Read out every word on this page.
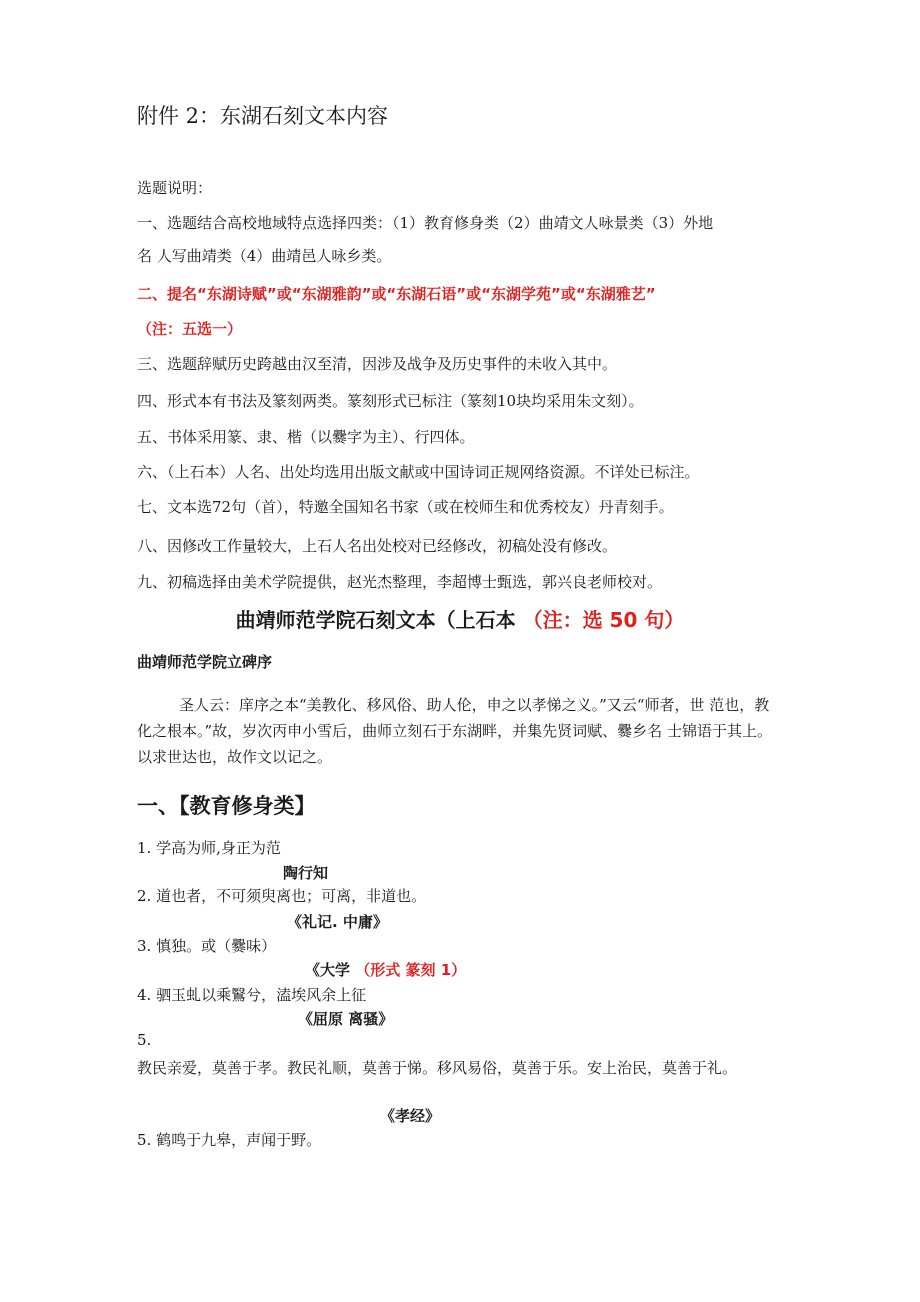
附件 2：东湖石刻文本内容

选题说明：

一、选题结合高校地域特点选择四类：（1）教育修身类（2）曲靖文人咏景类（3）外地

名 人写曲靖类（4）曲靖邑人咏乡类。

二、提名“东湖诗赋”或“东湖雅韵”或“东湖石语”或“东湖学苑”或“东湖雅艺”

（注：五选一）

三、选题辞赋历史跨越由汉至清，因涉及战争及历史事件的未收入其中。

四、形式本有书法及篆刻两类。篆刻形式已标注（篆刻10块均采用朱文刻）。

五、书体采用篆、隶、楷（以爨字为主）、行四体。

六、（上石本）人名、出处均选用出版文献或中国诗词正规网络资源。不详处已标注。

七、文本选72句（首），特邀全国知名书家（或在校师生和优秀校友）丹青刻手。

八、因修改工作量较大，上石人名出处校对已经修改，初稿处没有修改。

九、初稿选择由美术学院提供，赵光杰整理，李超博士甄选，郭兴良老师校对。

曲靖师范学院石刻文本（上石本 （注：选 50 句）

曲靖师范学院立碑序

圣人云：庠序之本“美教化、移风俗、助人伦，申之以孝悌之义。”又云“师者，世 范也，教化之根本。”故，岁次丙申小雪后，曲师立刻石于东湖畔，并集先贤词赋、爨乡名 士锦语于其上。以求世达也，故作文以记之。

一、【教育修身类】

1. 学高为师,身正为范

陶行知

2. 道也者，不可须臾离也；可离，非道也。

《礼记. 中庸》

3. 慎独。或（爨味）

《大学 （形式 篆刻 1）

4. 驷玉虬以乘鷖兮，溘埃风余上征

《屈原 离骚》

5.

教民亲爱，莫善于孝。教民礼顺，莫善于悌。移风易俗，莫善于乐。安上治民，莫善于礼。

《孝经》

5. 鹤鸣于九皋，声闻于野。
